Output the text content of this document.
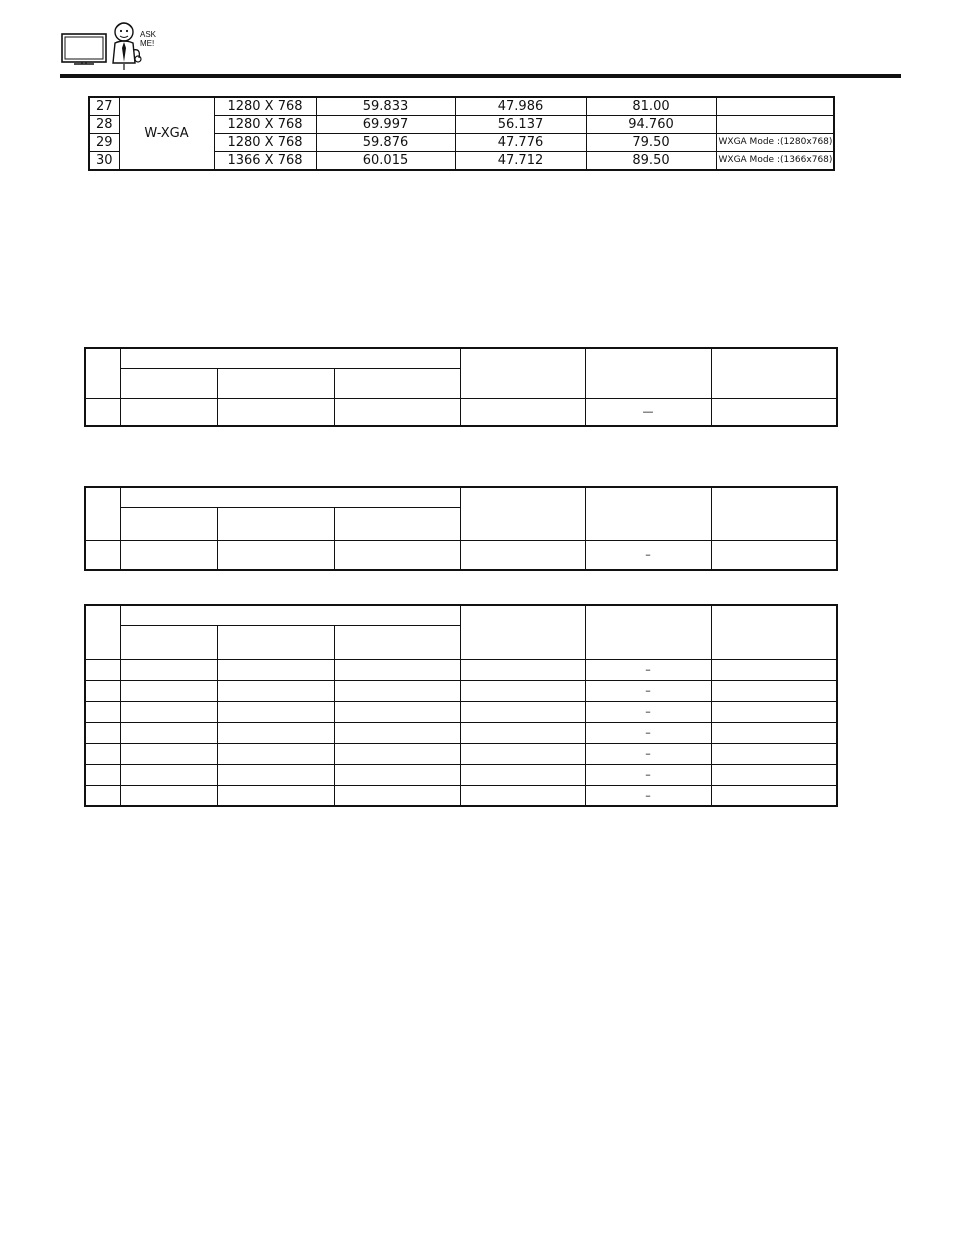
ASK
ME!
27	W-XGA	1280 X 768	59.833	47.986	81.00	
28		1280 X 768	69.997	56.137	94.760	
29		1280 X 768	59.876	47.776	79.50	WXGA Mode :(1280x768)
30		1366 X 768	60.015	47.712	89.50	WXGA Mode :(1366x768)

					—	

					–	

					–	
					–	
					–	
					–	
					–	
					–	
					–	
